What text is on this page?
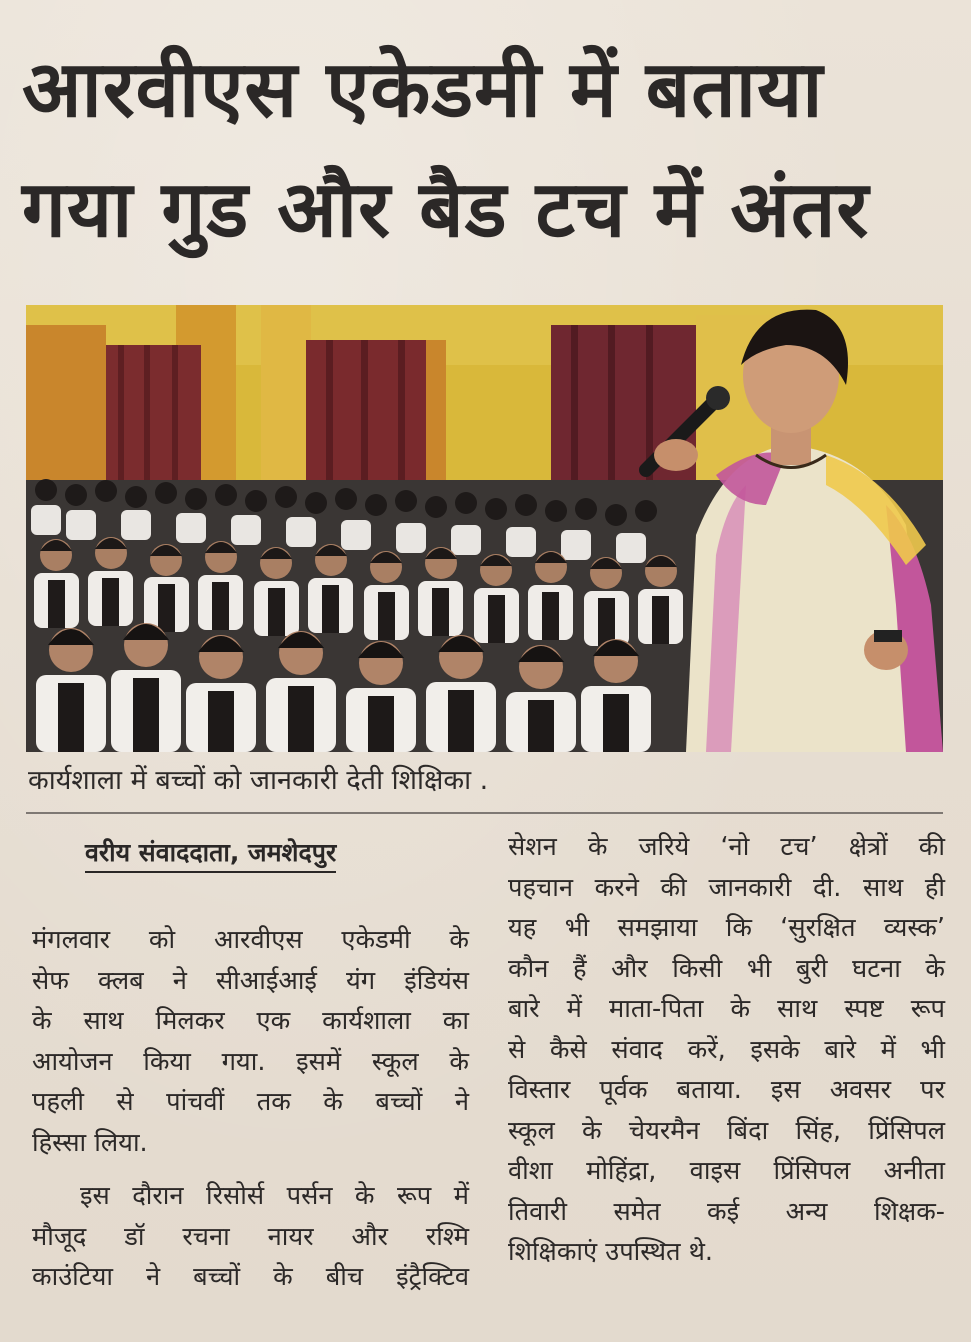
आरवीएस एकेडमी में बताया
गया गुड और बैड टच में अंतर
कार्यशाला में बच्चों को जानकारी देती शिक्षिका .
वरीय संवाददाता, जमशेदपुर

मंगलवार को आरवीएस एकेडमी के
सेफ क्लब ने सीआईआई यंग इंडियंस
के साथ मिलकर एक कार्यशाला का
आयोजन किया गया. इसमें स्कूल के
पहली से पांचवीं तक के बच्चों ने
हिस्सा लिया.

इस दौरान रिसोर्स पर्सन के रूप में
मौजूद डॉ रचना नायर और रश्मि
काउंटिया ने बच्चों के बीच इंट्रैक्टिव

सेशन के जरिये ‘नो टच’ क्षेत्रों की
पहचान करने की जानकारी दी. साथ ही
यह भी समझाया कि ‘सुरक्षित व्यस्क’
कौन हैं और किसी भी बुरी घटना के
बारे में माता-पिता के साथ स्पष्ट रूप
से कैसे संवाद करें, इसके बारे में भी
विस्तार पूर्वक बताया. इस अवसर पर
स्कूल के चेयरमैन बिंदा सिंह, प्रिंसिपल
वीशा मोहिंद्रा, वाइस प्रिंसिपल अनीता
तिवारी समेत कई अन्य शिक्षक-
शिक्षिकाएं उपस्थित थे.
